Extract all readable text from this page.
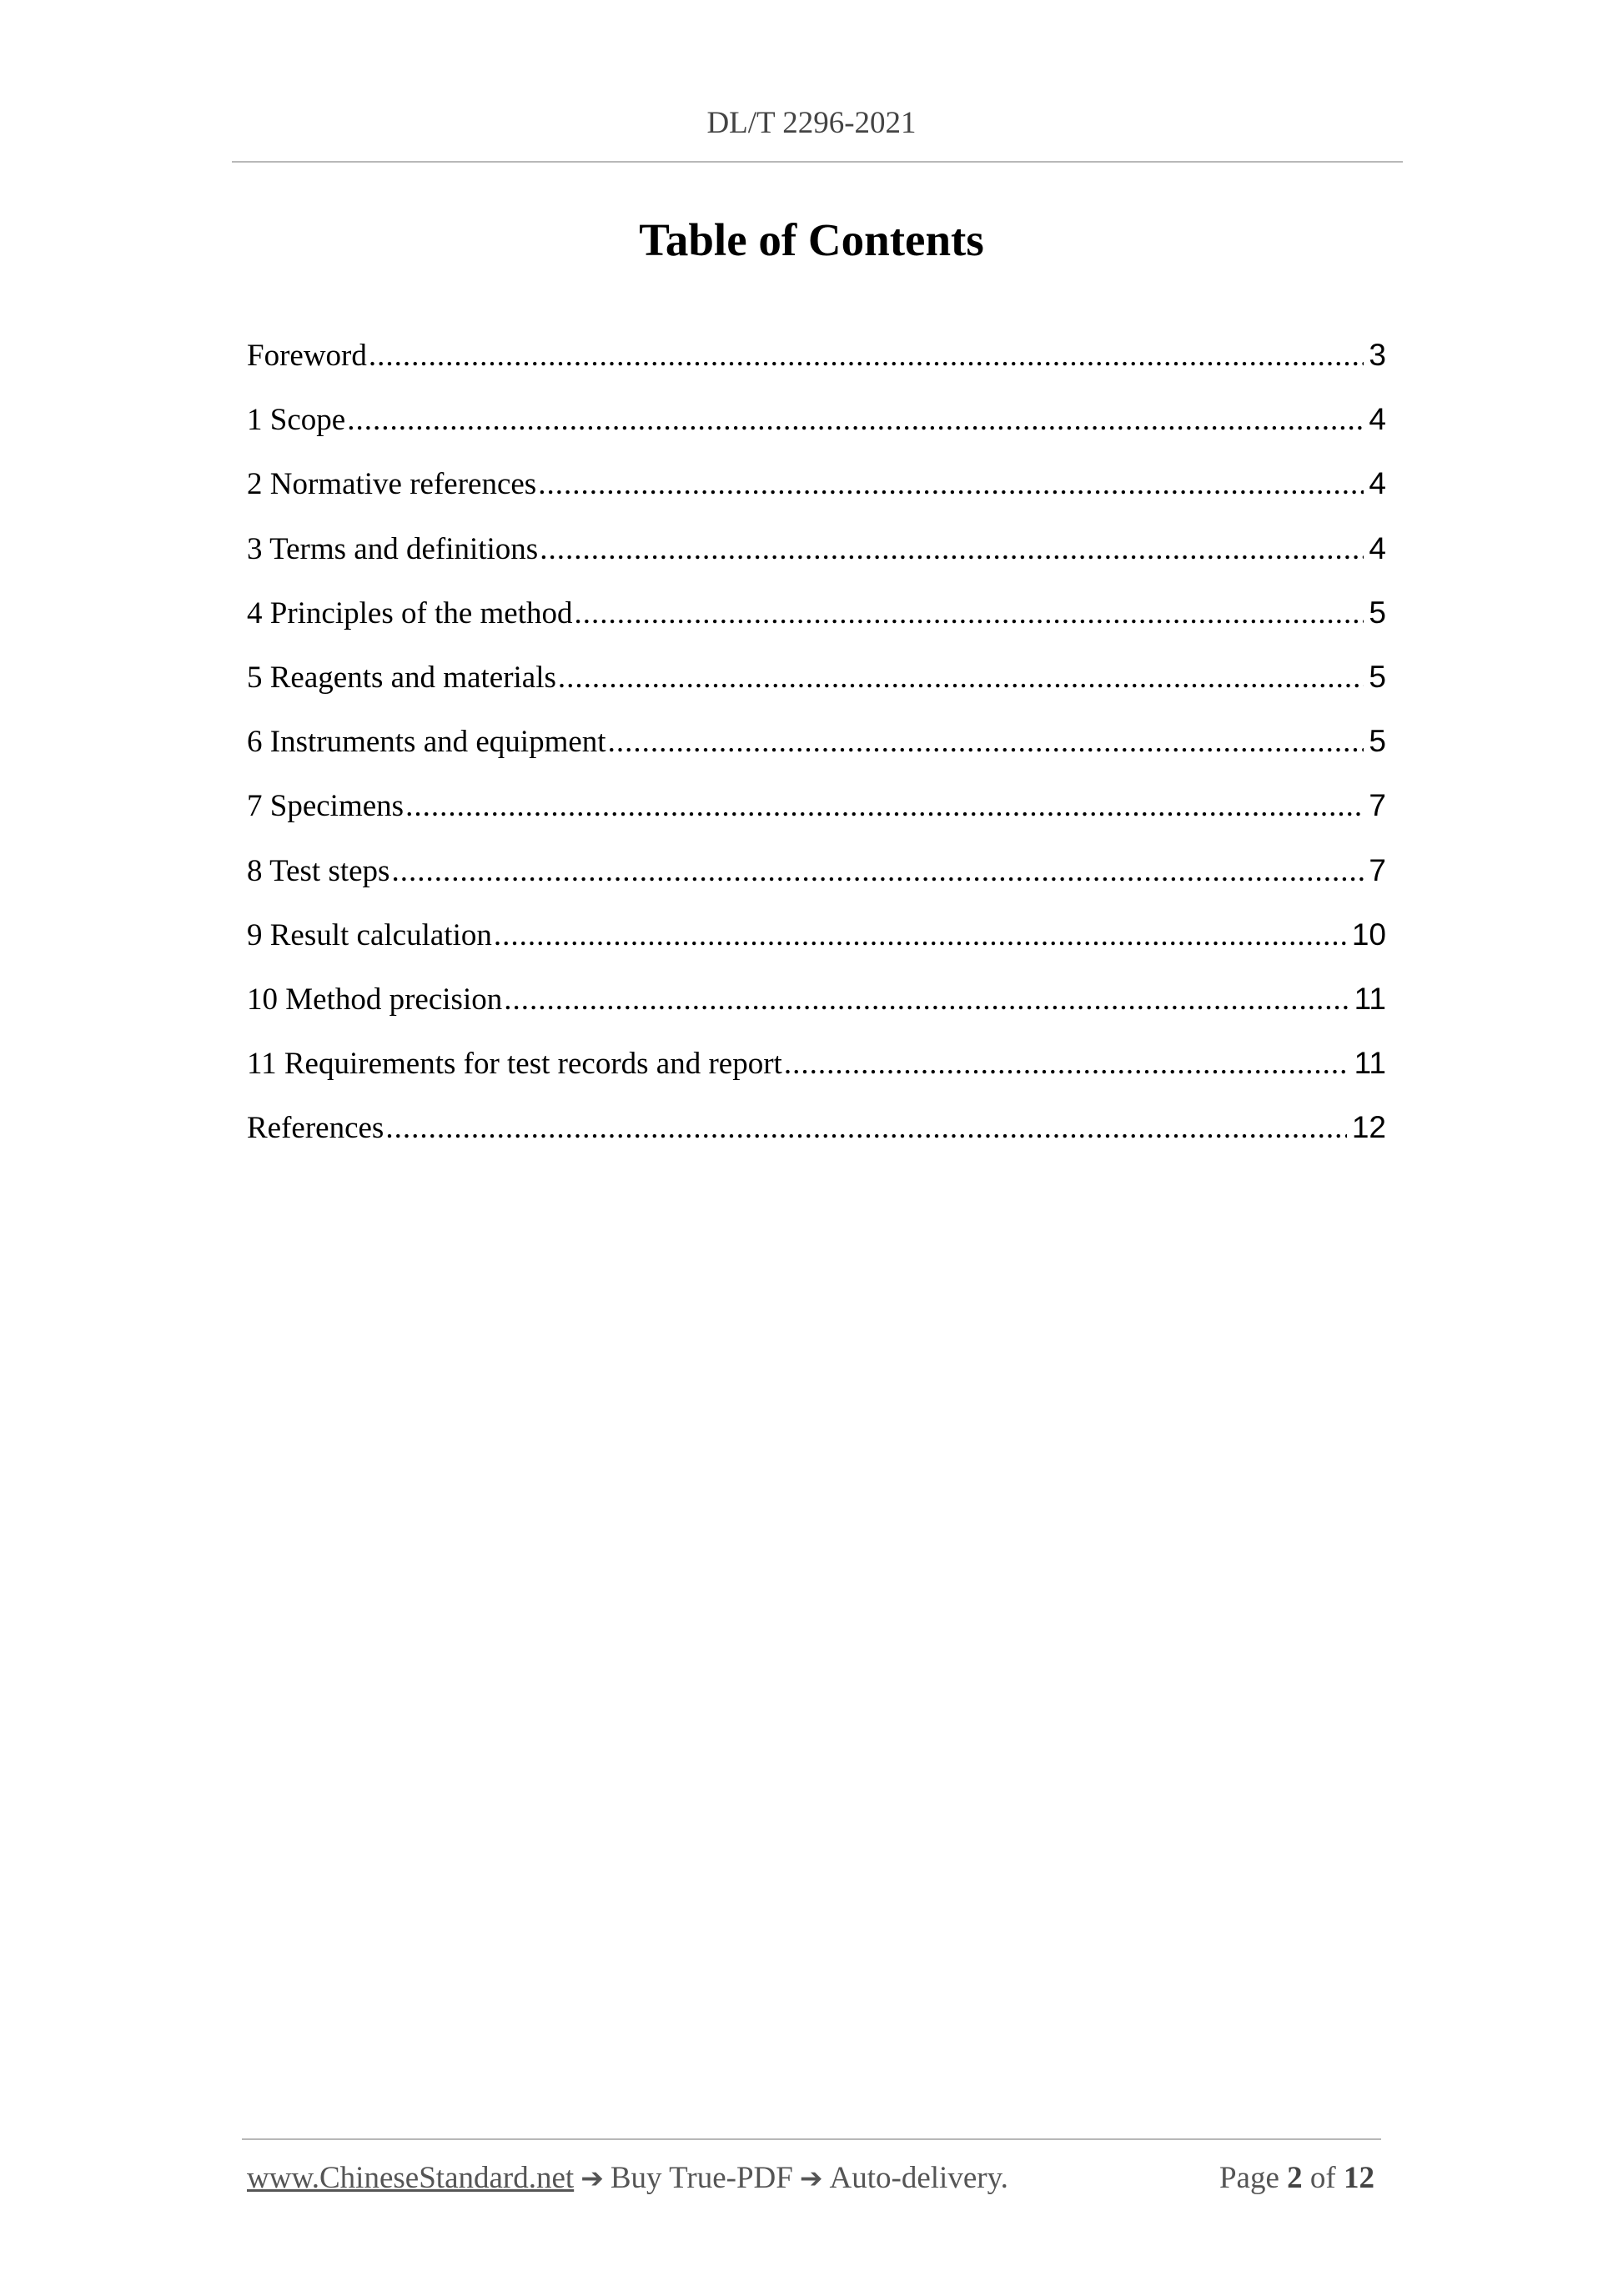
DL/T 2296-2021
Table of Contents
Foreword .....	3
1 Scope .....	4
2 Normative references .....	4
3 Terms and definitions .....	4
4 Principles of the method .....	5
5 Reagents and materials .....	5
6 Instruments and equipment .....	5
7 Specimens .....	7
8 Test steps .....	7
9 Result calculation .....	10
10 Method precision .....	11
11 Requirements for test records and report .....	11
References .....	12
www.ChineseStandard.net ➔ Buy True-PDF ➔ Auto-delivery.	Page 2 of 12
